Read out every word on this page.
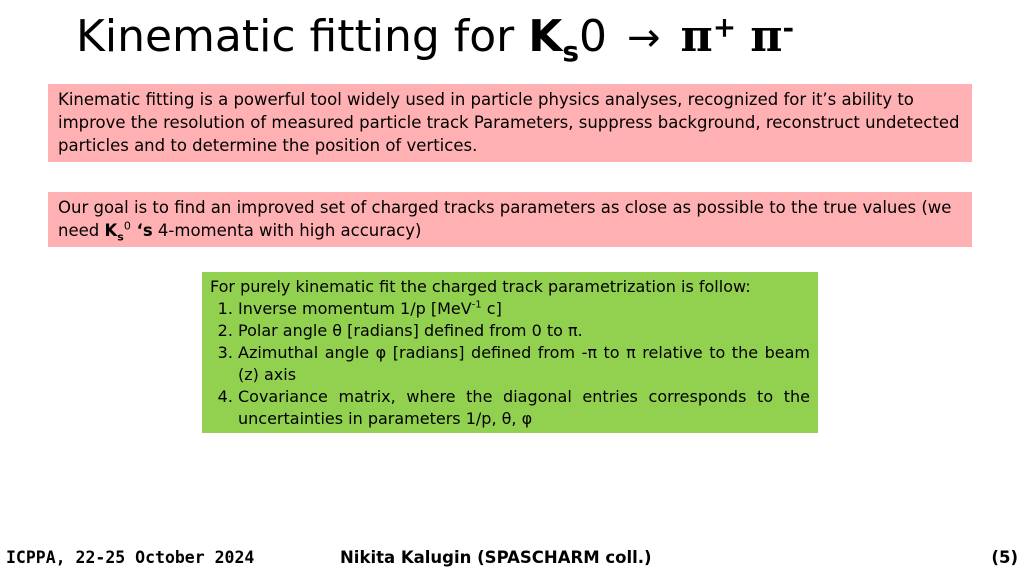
Kinematic fitting for $K_s0 \to \pi^+$ π-
Kinematic fitting is a powerful tool widely used in particle physics analyses, recognized for it’s ability to improve the resolution of measured particle track Parameters, suppress background, reconstruct undetected particles and to determine the position of vertices.
Our goal is to find an improved set of charged tracks parameters as close as possible to the true values (we need $K_s^0$ ‘s 4-momenta with high accuracy)
For purely kinematic fit the charged track parametrization is follow:
1. Inverse momentum 1/p [MeV$^{-1}$ c]
2. Polar angle θ [radians] defined from 0 to π.
3. Azimuthal angle φ [radians] defined from -π to π relative to the beam (z) axis
4. Covariance matrix, where the diagonal entries corresponds to the uncertainties in parameters 1/p, θ, φ
ICPPA, 22-25 October 2024	Nikita Kalugin (SPASCHARM coll.)	(5)
